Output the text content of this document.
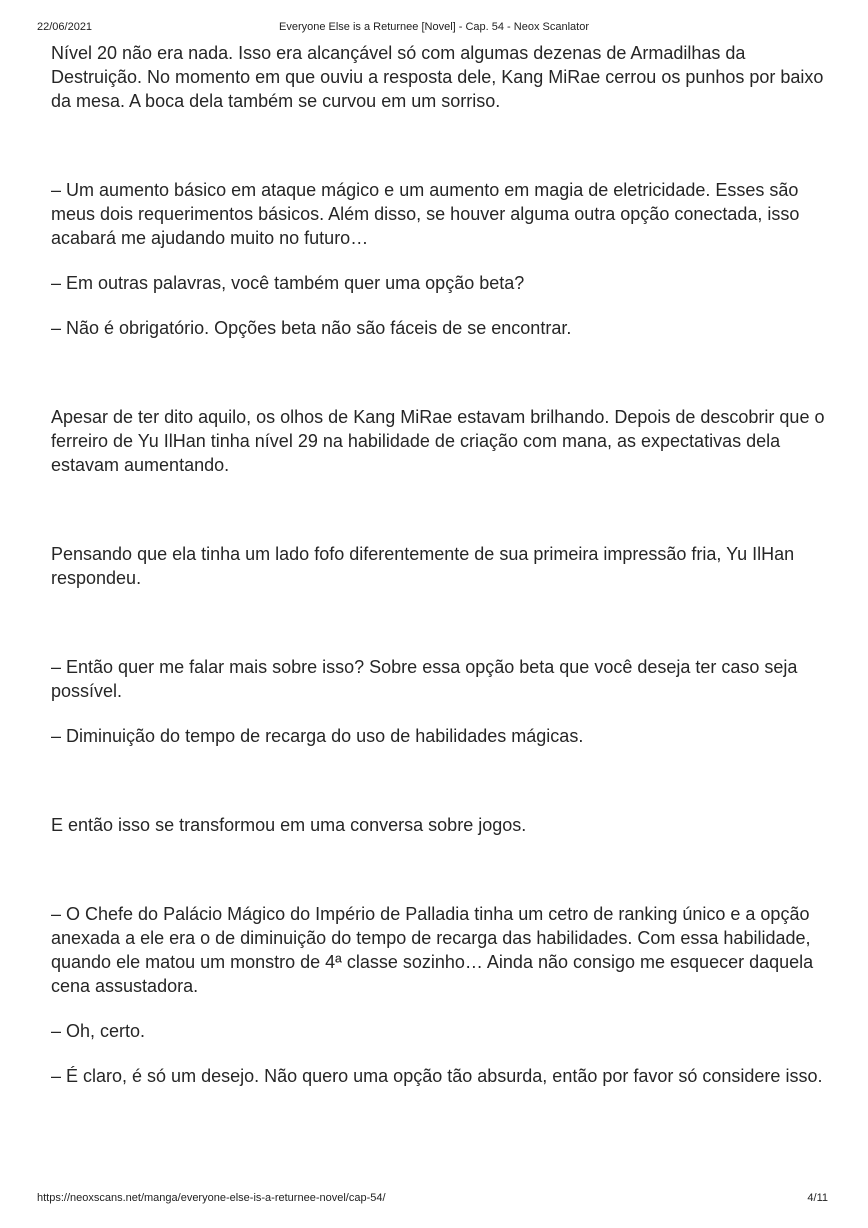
22/06/2021	Everyone Else is a Returnee [Novel] - Cap. 54 - Neox Scanlator

Nível 20 não era nada. Isso era alcançável só com algumas dezenas de Armadilhas da Destruição. No momento em que ouviu a resposta dele, Kang MiRae cerrou os punhos por baixo da mesa. A boca dela também se curvou em um sorriso.

– Um aumento básico em ataque mágico e um aumento em magia de eletricidade. Esses são meus dois requerimentos básicos. Além disso, se houver alguma outra opção conectada, isso acabará me ajudando muito no futuro…

– Em outras palavras, você também quer uma opção beta?

– Não é obrigatório. Opções beta não são fáceis de se encontrar.

Apesar de ter dito aquilo, os olhos de Kang MiRae estavam brilhando. Depois de descobrir que o ferreiro de Yu IlHan tinha nível 29 na habilidade de criação com mana, as expectativas dela estavam aumentando.

Pensando que ela tinha um lado fofo diferentemente de sua primeira impressão fria, Yu IlHan respondeu.

– Então quer me falar mais sobre isso? Sobre essa opção beta que você deseja ter caso seja possível.

– Diminuição do tempo de recarga do uso de habilidades mágicas.

E então isso se transformou em uma conversa sobre jogos.

– O Chefe do Palácio Mágico do Império de Palladia tinha um cetro de ranking único e a opção anexada a ele era o de diminuição do tempo de recarga das habilidades. Com essa habilidade, quando ele matou um monstro de 4ª classe sozinho… Ainda não consigo me esquecer daquela cena assustadora.

– Oh, certo.

– É claro, é só um desejo. Não quero uma opção tão absurda, então por favor só considere isso.

https://neoxscans.net/manga/everyone-else-is-a-returnee-novel/cap-54/	4/11
